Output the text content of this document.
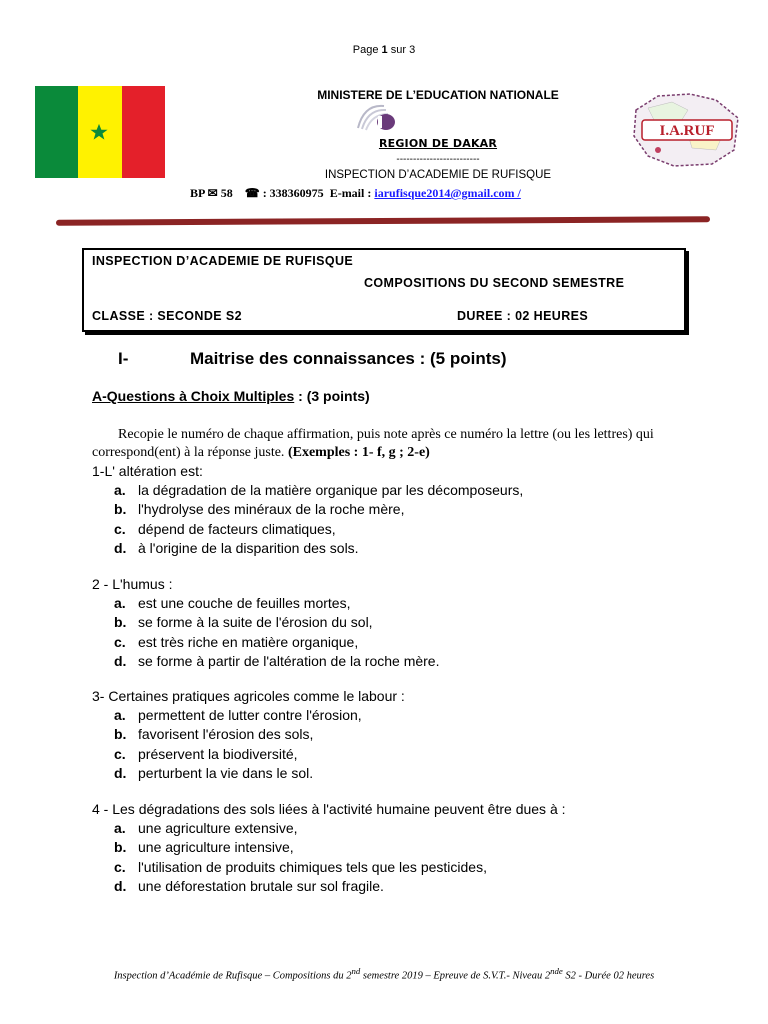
Page 1 sur 3
MINISTERE DE L’EDUCATION NATIONALE
REGION DE DAKAR
-------------------------
INSPECTION D’ACADEMIE DE RUFISQUE
BP ✉ 58 ☎ : 338360975 E-mail : iarufisque2014@gmail.com /
I.A.RUF
INSPECTION D’ACADEMIE DE RUFISQUE
COMPOSITIONS DU SECOND SEMESTRE
CLASSE : SECONDE S2	DUREE : 02 HEURES
I-	Maitrise des connaissances : (5 points)
A-Questions à Choix Multiples : (3 points)
Recopie le numéro de chaque affirmation, puis note après ce numéro la lettre (ou les lettres) qui correspond(ent) à la réponse juste. (Exemples : 1- f, g ; 2-e)
1-L' altération est:
a. la dégradation de la matière organique par les décomposeurs,
b. l'hydrolyse des minéraux de la roche mère,
c. dépend de facteurs climatiques,
d. à l'origine de la disparition des sols.
2 - L'humus :
a. est une couche de feuilles mortes,
b. se forme à la suite de l'érosion du sol,
c. est très riche en matière organique,
d. se forme à partir de l'altération de la roche mère.
3- Certaines pratiques agricoles comme le labour :
a. permettent de lutter contre l'érosion,
b. favorisent l'érosion des sols,
c. préservent la biodiversité,
d. perturbent la vie dans le sol.
4 - Les dégradations des sols liées à l'activité humaine peuvent être dues à :
a. une agriculture extensive,
b. une agriculture intensive,
c. l'utilisation de produits chimiques tels que les pesticides,
d. une déforestation brutale sur sol fragile.
Inspection d’Académie de Rufisque – Compositions du 2nd semestre 2019 – Epreuve de S.V.T.- Niveau 2nde S2 - Durée 02 heures
